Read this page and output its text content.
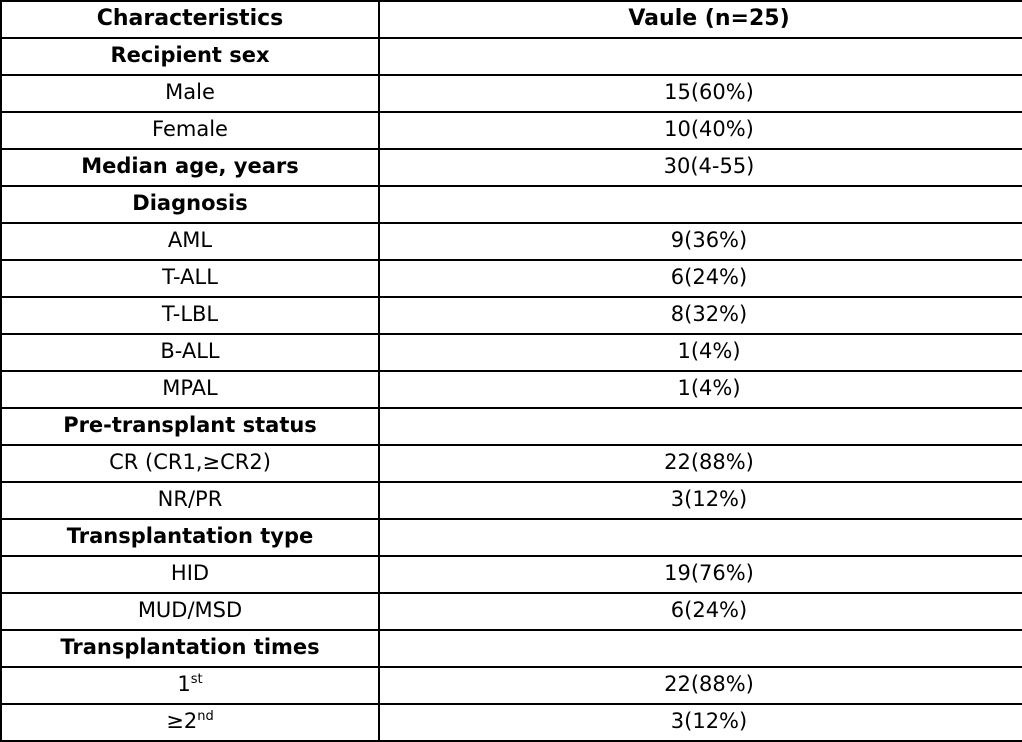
Characteristics	Vaule (n=25)
Recipient sex	
Male	15(60%)
Female	10(40%)
Median age, years	30(4-55)
Diagnosis	
AML	9(36%)
T-ALL	6(24%)
T-LBL	8(32%)
B-ALL	1(4%)
MPAL	1(4%)
Pre-transplant status	
CR (CR1,≥CR2)	22(88%)
NR/PR	3(12%)
Transplantation type	
HID	19(76%)
MUD/MSD	6(24%)
Transplantation times	
1st	22(88%)
≥2nd	3(12%)
